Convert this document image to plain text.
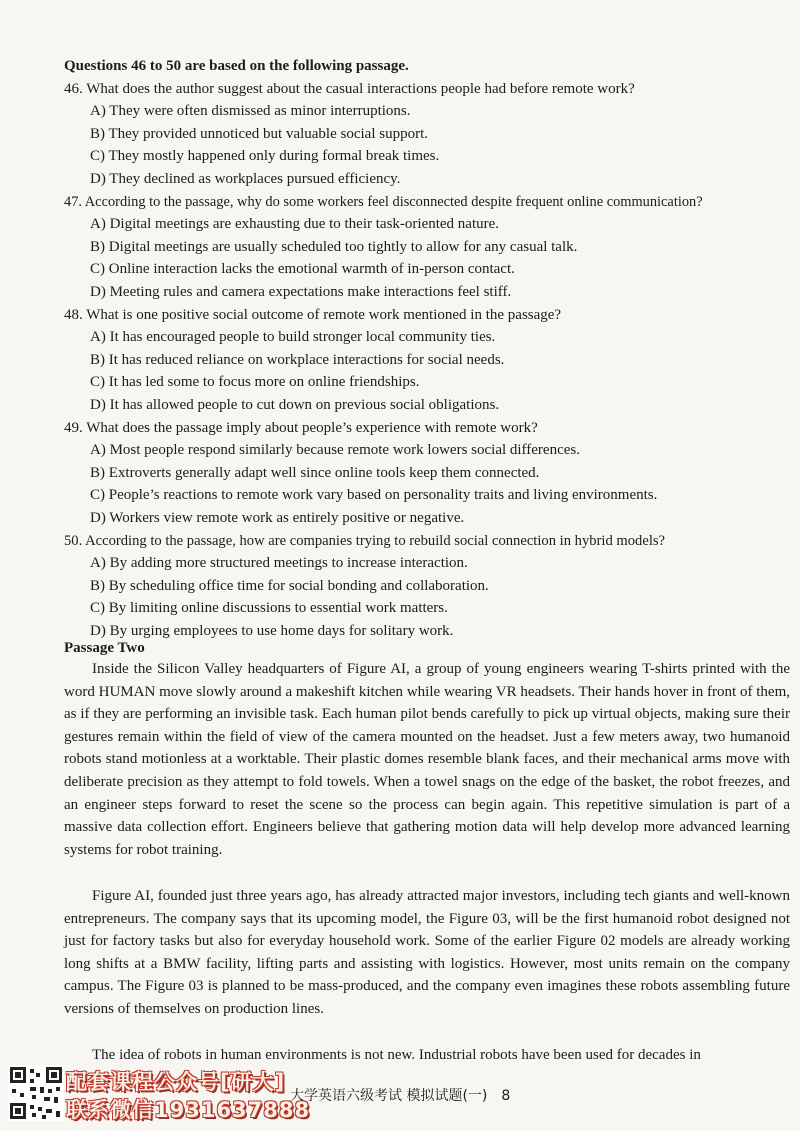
Questions 46 to 50 are based on the following passage.
46. What does the author suggest about the casual interactions people had before remote work?
A) They were often dismissed as minor interruptions.
B) They provided unnoticed but valuable social support.
C) They mostly happened only during formal break times.
D) They declined as workplaces pursued efficiency.
47. According to the passage, why do some workers feel disconnected despite frequent online communication?
A) Digital meetings are exhausting due to their task-oriented nature.
B) Digital meetings are usually scheduled too tightly to allow for any casual talk.
C) Online interaction lacks the emotional warmth of in-person contact.
D) Meeting rules and camera expectations make interactions feel stiff.
48. What is one positive social outcome of remote work mentioned in the passage?
A) It has encouraged people to build stronger local community ties.
B) It has reduced reliance on workplace interactions for social needs.
C) It has led some to focus more on online friendships.
D) It has allowed people to cut down on previous social obligations.
49. What does the passage imply about people’s experience with remote work?
A) Most people respond similarly because remote work lowers social differences.
B) Extroverts generally adapt well since online tools keep them connected.
C) People’s reactions to remote work vary based on personality traits and living environments.
D) Workers view remote work as entirely positive or negative.
50. According to the passage, how are companies trying to rebuild social connection in hybrid models?
A) By adding more structured meetings to increase interaction.
B) By scheduling office time for social bonding and collaboration.
C) By limiting online discussions to essential work matters.
D) By urging employees to use home days for solitary work.
Passage Two
Inside the Silicon Valley headquarters of Figure AI, a group of young engineers wearing T-shirts printed with the word HUMAN move slowly around a makeshift kitchen while wearing VR headsets. Their hands hover in front of them, as if they are performing an invisible task. Each human pilot bends carefully to pick up virtual objects, making sure their gestures remain within the field of view of the camera mounted on the headset. Just a few meters away, two humanoid robots stand motionless at a worktable. Their plastic domes resemble blank faces, and their mechanical arms move with deliberate precision as they attempt to fold towels. When a towel snags on the edge of the basket, the robot freezes, and an engineer steps forward to reset the scene so the process can begin again. This repetitive simulation is part of a massive data collection effort. Engineers believe that gathering motion data will help develop more advanced learning systems for robot training.
Figure AI, founded just three years ago, has already attracted major investors, including tech giants and well-known entrepreneurs. The company says that its upcoming model, the Figure 03, will be the first humanoid robot designed not just for factory tasks but also for everyday household work. Some of the earlier Figure 02 models are already working long shifts at a BMW facility, lifting parts and assisting with logistics. However, most units remain on the company campus. The Figure 03 is planned to be mass-produced, and the company even imagines these robots assembling future versions of themselves on production lines.
The idea of robots in human environments is not new. Industrial robots have been used for decades in
配套课程公众号[研大]
联系微信1931637888
大学英语六级考试 模拟试题(一) 8
